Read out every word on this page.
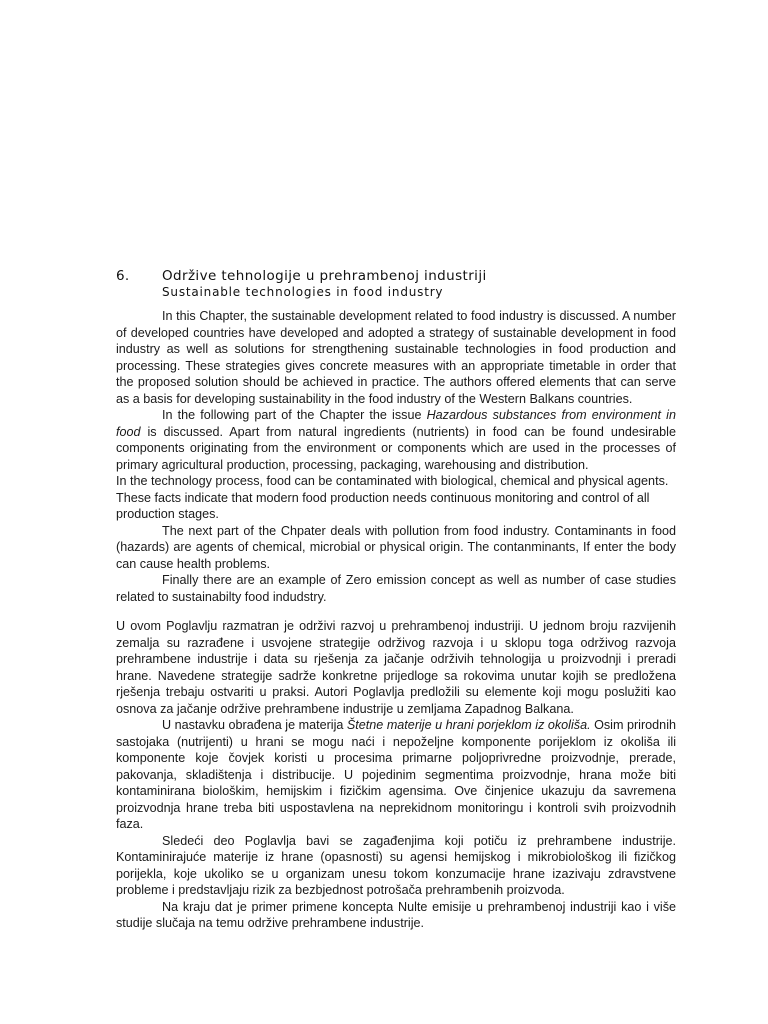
6.	Održive tehnologije u prehrambenoj industriji
Sustainable technologies in food industry

In this Chapter, the sustainable development related to food industry is discussed. A number of developed countries have developed and adopted a strategy of sustainable development in food industry as well as solutions for strengthening sustainable technologies in food production and processing. These strategies gives concrete measures with an appropriate timetable in order that the proposed solution should be achieved in practice. The authors offered elements that can serve as a basis for developing sustainability in the food industry of the Western Balkans countries.

In the following part of the Chapter the issue Hazardous substances from environment in food is discussed. Apart from natural ingredients (nutrients) in food can be found undesirable components originating from the environment or components which are used in the processes of primary agricultural production, processing, packaging, warehousing and distribution.

In the technology process, food can be contaminated with biological, chemical and physical agents. These facts indicate that modern food production needs continuous monitoring and control of all production stages.

The next part of the Chpater deals with pollution from food industry. Contaminants in food (hazards) are agents of chemical, microbial or physical origin. The contanminants, If enter the body can cause health problems.

Finally there are an example of Zero emission concept as well as number of case studies related to sustainabilty food indudstry.

U ovom Poglavlju razmatran je održivi razvoj u prehrambenoj industriji. U jednom broju razvijenih zemalja su razrađene i usvojene strategije održivog razvoja i u sklopu toga održivog razvoja prehrambene industrije i data su rješenja za jačanje održivih tehnologija u proizvodnji i preradi hrane. Navedene strategije sadrže konkretne prijedloge sa rokovima unutar kojih se predložena rješenja trebaju ostvariti u praksi. Autori Poglavlja predložili su elemente koji mogu poslužiti kao osnova za jačanje održive prehrambene industrije u zemljama Zapadnog Balkana.

U nastavku obrađena je materija Štetne materije u hrani porjeklom iz okoliša. Osim prirodnih sastojaka (nutrijenti) u hrani se mogu naći i nepoželjne komponente porijeklom iz okoliša ili komponente koje čovjek koristi u procesima primarne poljoprivredne proizvodnje, prerade, pakovanja, skladištenja i distribucije. U pojedinim segmentima proizvodnje, hrana može biti kontaminirana biološkim, hemijskim i fizičkim agensima. Ove činjenice ukazuju da savremena proizvodnja hrane treba biti uspostavlena na neprekidnom monitoringu i kontroli svih proizvodnih faza.

Sledeći deo Poglavlja bavi se zagađenjima koji potiču iz prehrambene industrije. Kontaminirajuće materije iz hrane (opasnosti) su agensi hemijskog i mikrobiološkog ili fizičkog porijekla, koje ukoliko se u organizam unesu tokom konzumacije hrane izazivaju zdravstvene probleme i predstavljaju rizik za bezbjednost potrošača prehrambenih proizvoda.

Na kraju dat je primer primene koncepta Nulte emisije u prehrambenoj industriji kao i više studije slučaja na temu održive prehrambene industrije.
